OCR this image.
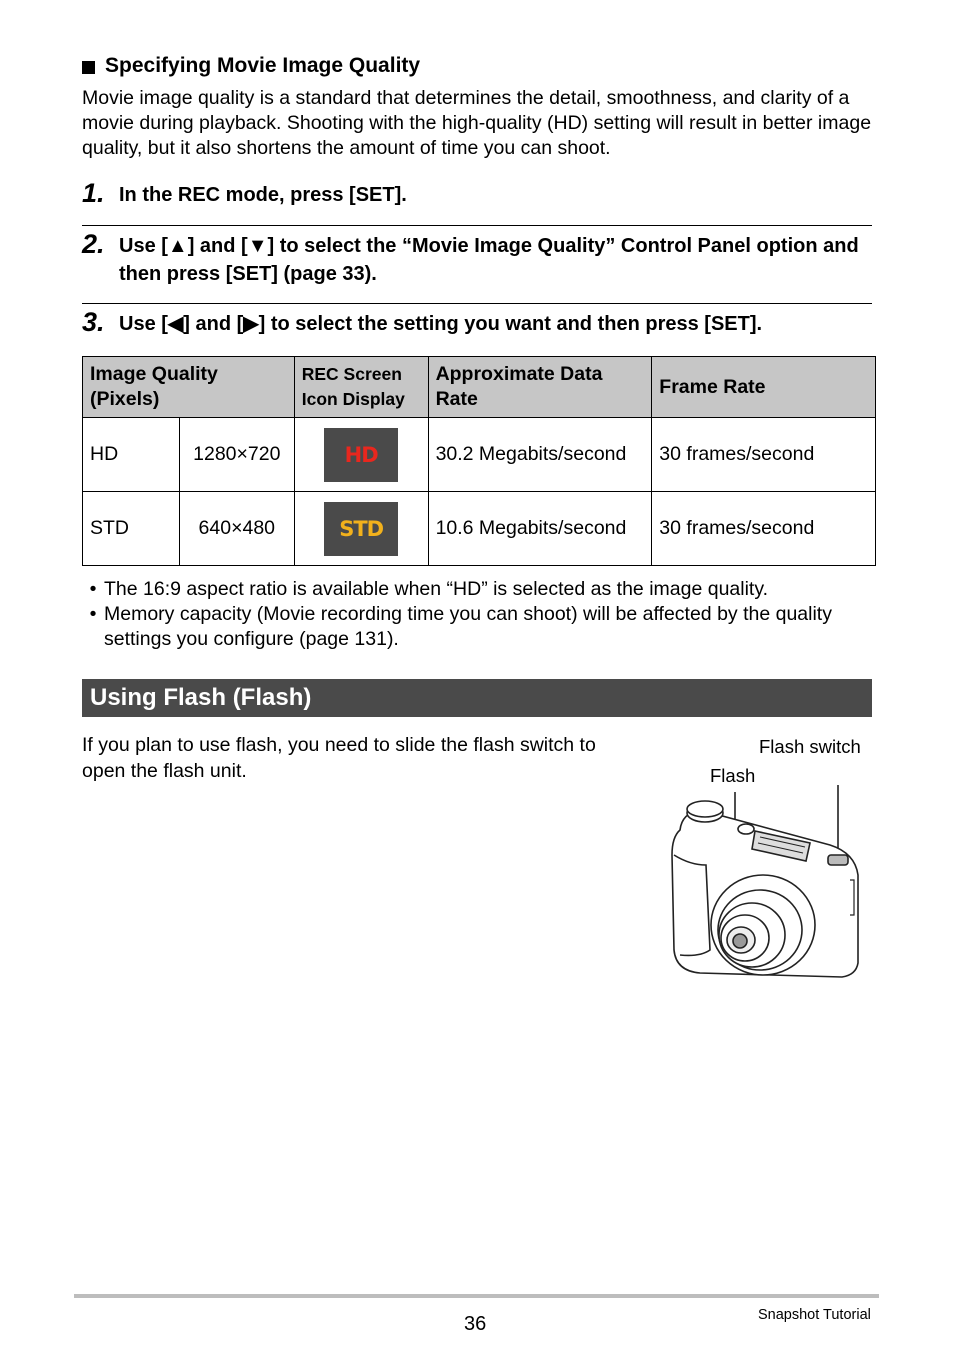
Specifying Movie Image Quality
Movie image quality is a standard that determines the detail, smoothness, and clarity of a movie during playback. Shooting with the high-quality (HD) setting will result in better image quality, but it also shortens the amount of time you can shoot.
1. In the REC mode, press [SET].
2. Use [▲] and [▼] to select the “Movie Image Quality” Control Panel option and then press [SET] (page 33).
3. Use [◀] and [▶] to select the setting you want and then press [SET].
Image Quality (Pixels)		REC Screen Icon Display	Approximate Data Rate	Frame Rate
HD	1280×720	HD	30.2 Megabits/second	30 frames/second
STD	640×480	STD	10.6 Megabits/second	30 frames/second
• The 16:9 aspect ratio is available when “HD” is selected as the image quality.
• Memory capacity (Movie recording time you can shoot) will be affected by the quality settings you configure (page 131).
Using Flash (Flash)
If you plan to use flash, you need to slide the flash switch to open the flash unit.
Flash switch
Flash
36	Snapshot Tutorial
